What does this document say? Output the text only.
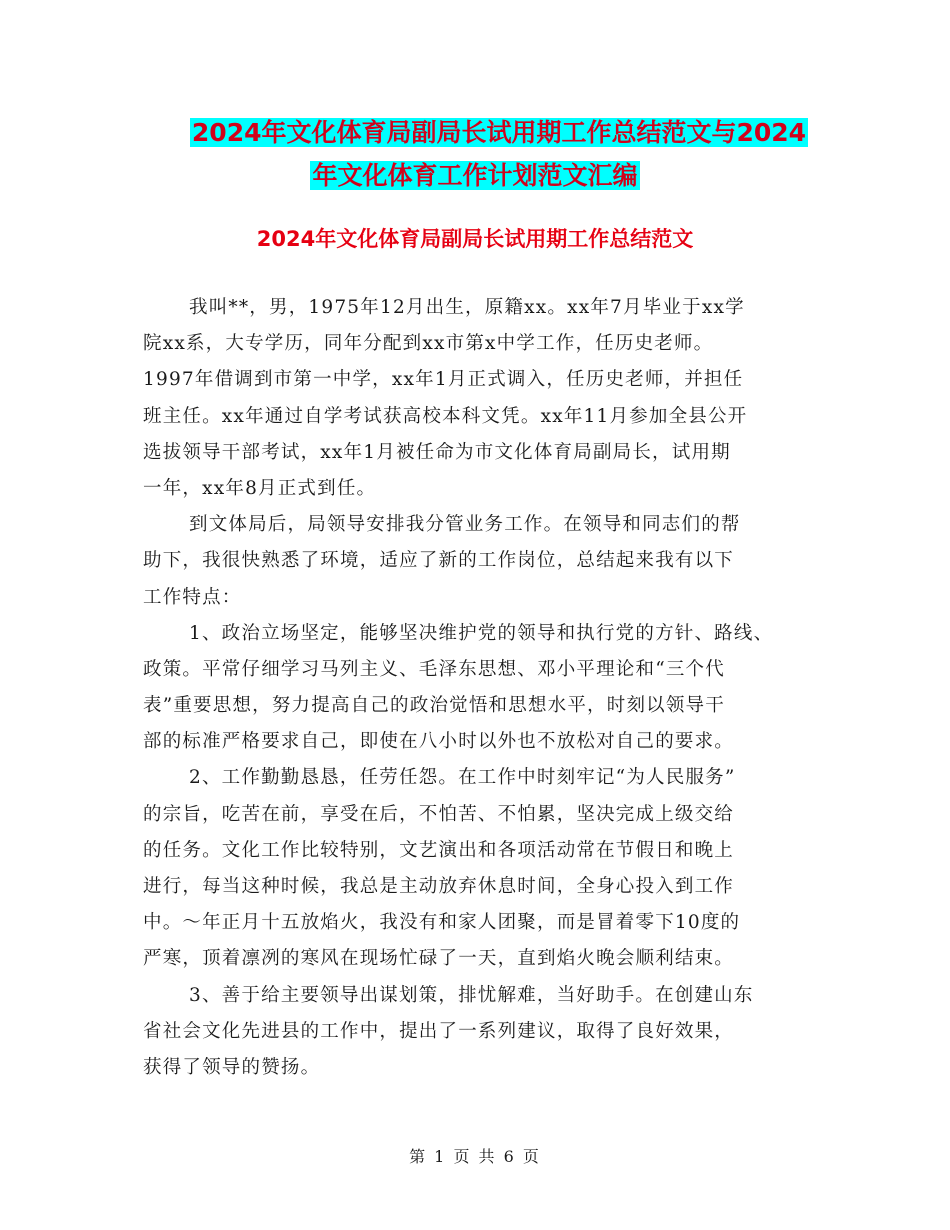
2024年文化体育局副局长试用期工作总结范文与2024
年文化体育工作计划范文汇编
2024年文化体育局副局长试用期工作总结范文
我叫**，男，1975年12月出生，原籍xx。xx年7月毕业于xx学
院xx系，大专学历，同年分配到xx市第x中学工作，任历史老师。
1997年借调到市第一中学，xx年1月正式调入，任历史老师，并担任
班主任。xx年通过自学考试获高校本科文凭。xx年11月参加全县公开
选拔领导干部考试，xx年1月被任命为市文化体育局副局长，试用期
一年，xx年8月正式到任。
到文体局后，局领导安排我分管业务工作。在领导和同志们的帮
助下，我很快熟悉了环境，适应了新的工作岗位，总结起来我有以下
工作特点：
1、政治立场坚定，能够坚决维护党的领导和执行党的方针、路线、
政策。平常仔细学习马列主义、毛泽东思想、邓小平理论和“三个代
表”重要思想，努力提高自己的政治觉悟和思想水平，时刻以领导干
部的标准严格要求自己，即使在八小时以外也不放松对自己的要求。
2、工作勤勤恳恳，任劳任怨。在工作中时刻牢记“为人民服务”
的宗旨，吃苦在前，享受在后，不怕苦、不怕累，坚决完成上级交给
的任务。文化工作比较特别，文艺演出和各项活动常在节假日和晚上
进行，每当这种时候，我总是主动放弃休息时间，全身心投入到工作
中。～年正月十五放焰火，我没有和家人团聚，而是冒着零下10度的
严寒，顶着凛冽的寒风在现场忙碌了一天，直到焰火晚会顺利结束。
3、善于给主要领导出谋划策，排忧解难，当好助手。在创建山东
省社会文化先进县的工作中，提出了一系列建议，取得了良好效果，
获得了领导的赞扬。
第 1 页 共 6 页
